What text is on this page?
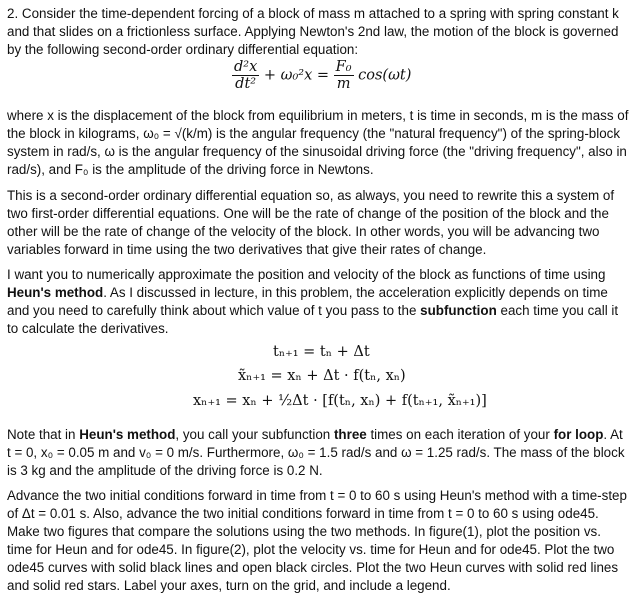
2. Consider the time-dependent forcing of a block of mass m attached to a spring with spring constant k and that slides on a frictionless surface. Applying Newton's 2nd law, the motion of the block is governed by the following second-order ordinary differential equation:

$\frac{\text{d²x}}{\text{dt²}} + \omega_0^2x = \frac{\text{F₀}}{m} \cos(\omega t)$

where x is the displacement of the block from equilibrium in meters, t is time in seconds, m is the mass of the block in kilograms, ω₀ = √(k/m) is the angular frequency (the "natural frequency") of the spring-block system in rad/s, ω is the angular frequency of the sinusoidal driving force (the "driving frequency", also in rad/s), and F₀ is the amplitude of the driving force in Newtons.

This is a second-order ordinary differential equation so, as always, you need to rewrite this a system of two first-order differential equations. One will be the rate of change of the position of the block and the other will be the rate of change of the velocity of the block. In other words, you will be advancing two variables forward in time using the two derivatives that give their rates of change.

I want you to numerically approximate the position and velocity of the block as functions of time using Heun's method. As I discussed in lecture, in this problem, the acceleration explicitly depends on time and you need to carefully think about which value of t you pass to the subfunction each time you call it to calculate the derivatives.

tₙ₊₁ = tₙ + Δt
x̃ₙ₊₁ = xₙ + Δt · f(tₙ, xₙ)
xₙ₊₁ = xₙ + ½Δt · [f(tₙ, xₙ) + f(tₙ₊₁, x̃ₙ₊₁)]

Note that in Heun's method, you call your subfunction three times on each iteration of your for loop. At t = 0, x₀ = 0.05 m and v₀ = 0 m/s. Furthermore, ω₀ = 1.5 rad/s and ω = 1.25 rad/s. The mass of the block is 3 kg and the amplitude of the driving force is 0.2 N.

Advance the two initial conditions forward in time from t = 0 to 60 s using Heun's method with a time-step of Δt = 0.01 s. Also, advance the two initial conditions forward in time from t = 0 to 60 s using ode45. Make two figures that compare the solutions using the two methods. In figure(1), plot the position vs. time for Heun and for ode45. In figure(2), plot the velocity vs. time for Heun and for ode45. Plot the two ode45 curves with solid black lines and open black circles. Plot the two Heun curves with solid red lines and solid red stars. Label your axes, turn on the grid, and include a legend.
